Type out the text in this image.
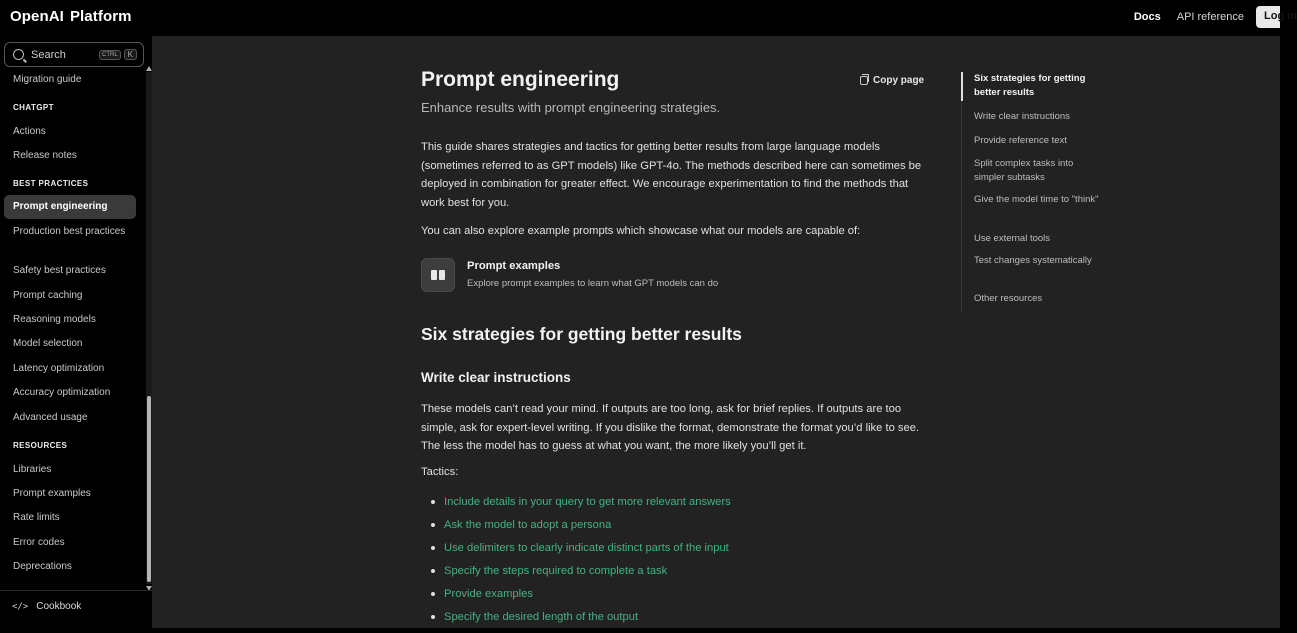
OpenAI Platform	Docs API reference	Log in
Search	CTRL	K
Migration guide
CHATGPT
Actions
Release notes
BEST PRACTICES
Prompt engineering
Production best practices
Safety best practices
Prompt caching
Reasoning models
Model selection
Latency optimization
Accuracy optimization
Advanced usage
RESOURCES
Libraries
Prompt examples
Rate limits
Error codes
Deprecations
</> Cookbook
Prompt engineering	Copy page
Enhance results with prompt engineering strategies.

This guide shares strategies and tactics for getting better results from large language models (sometimes referred to as GPT models) like GPT-4o. The methods described here can sometimes be deployed in combination for greater effect. We encourage experimentation to find the methods that work best for you.

You can also explore example prompts which showcase what our models are capable of:

Prompt examples
Explore prompt examples to learn what GPT models can do
Six strategies for getting better results
Write clear instructions

These models can’t read your mind. If outputs are too long, ask for brief replies. If outputs are too simple, ask for expert-level writing. If you dislike the format, demonstrate the format you’d like to see. The less the model has to guess at what you want, the more likely you’ll get it.

Tactics:
Include details in your query to get more relevant answers
Ask the model to adopt a persona
Use delimiters to clearly indicate distinct parts of the input
Specify the steps required to complete a task
Provide examples
Specify the desired length of the output
Six strategies for getting better results
Write clear instructions
Provide reference text
Split complex tasks into simpler subtasks
Give the model time to "think"
Use external tools
Test changes systematically
Other resources
